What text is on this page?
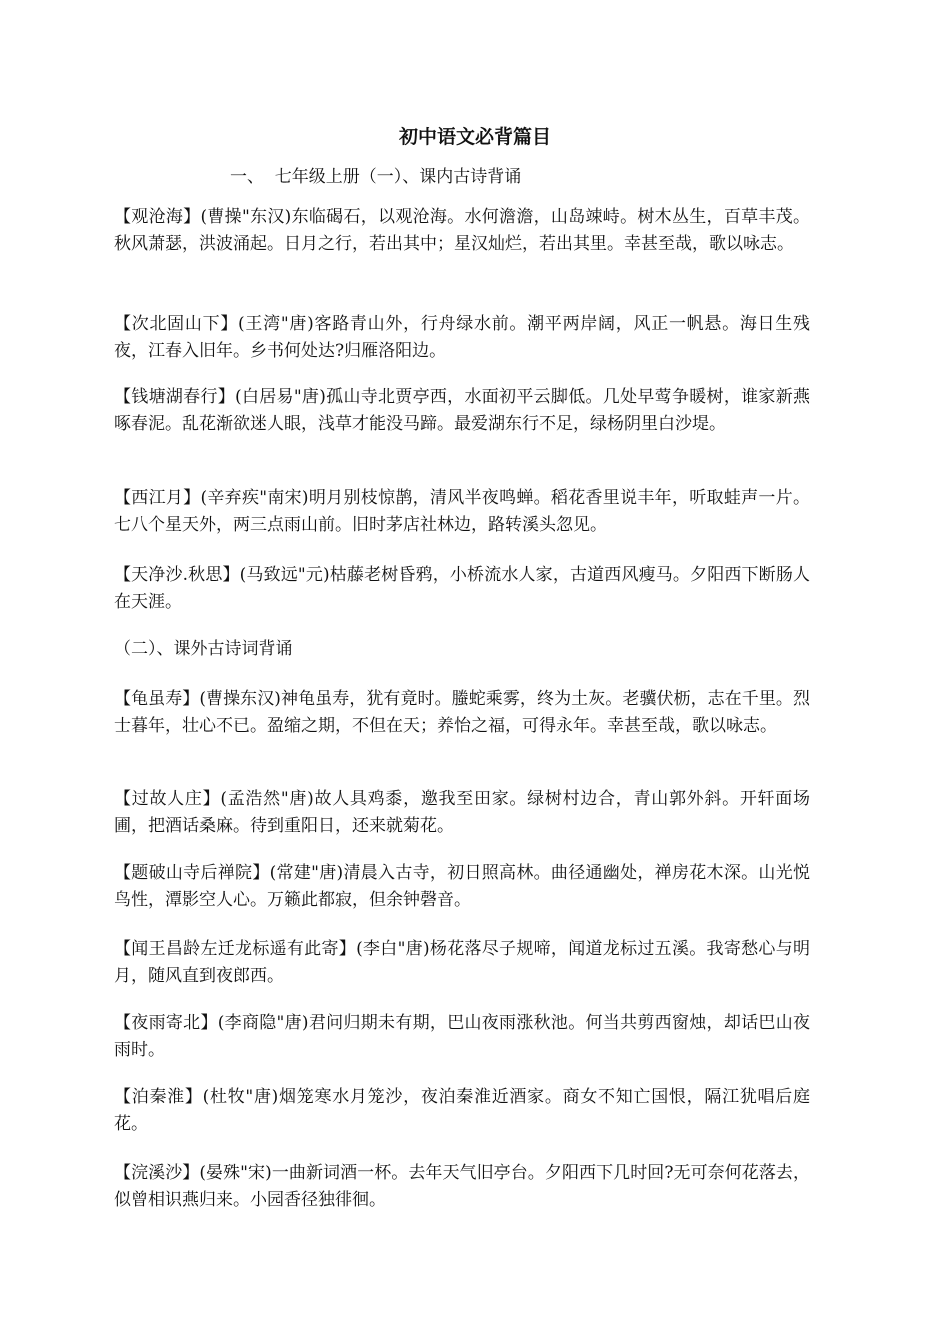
初中语文必背篇目
一、  七年级上册（一）、课内古诗背诵
【观沧海】(曹操"东汉)东临碣石，以观沧海。水何澹澹，山岛竦峙。树木丛生，百草丰茂。秋风萧瑟，洪波涌起。日月之行，若出其中；星汉灿烂，若出其里。幸甚至哉，歌以咏志。
【次北固山下】(王湾"唐)客路青山外，行舟绿水前。潮平两岸阔，风正一帆悬。海日生残夜，江春入旧年。乡书何处达?归雁洛阳边。
【钱塘湖春行】(白居易"唐)孤山寺北贾亭西，水面初平云脚低。几处早莺争暖树，谁家新燕啄春泥。乱花渐欲迷人眼，浅草才能没马蹄。最爱湖东行不足，绿杨阴里白沙堤。
【西江月】(辛弃疾"南宋)明月别枝惊鹊，清风半夜鸣蝉。稻花香里说丰年，听取蛙声一片。七八个星天外，两三点雨山前。旧时茅店社林边，路转溪头忽见。
【天净沙.秋思】(马致远"元)枯藤老树昏鸦，小桥流水人家，古道西风瘦马。夕阳西下断肠人在天涯。
（二）、课外古诗词背诵
【龟虽寿】(曹操东汉)神龟虽寿，犹有竟时。螣蛇乘雾，终为土灰。老骥伏枥，志在千里。烈士暮年，壮心不已。盈缩之期，不但在天；养怡之福，可得永年。幸甚至哉，歌以咏志。
【过故人庄】(孟浩然"唐)故人具鸡黍，邀我至田家。绿树村边合，青山郭外斜。开轩面场圃，把酒话桑麻。待到重阳日，还来就菊花。
【题破山寺后禅院】(常建"唐)清晨入古寺，初日照高林。曲径通幽处，禅房花木深。山光悦鸟性，潭影空人心。万籁此都寂，但余钟磬音。
【闻王昌龄左迁龙标遥有此寄】(李白"唐)杨花落尽子规啼，闻道龙标过五溪。我寄愁心与明月，随风直到夜郎西。
【夜雨寄北】(李商隐"唐)君问归期未有期，巴山夜雨涨秋池。何当共剪西窗烛，却话巴山夜雨时。
【泊秦淮】(杜牧"唐)烟笼寒水月笼沙，夜泊秦淮近酒家。商女不知亡国恨，隔江犹唱后庭花。
【浣溪沙】(晏殊"宋)一曲新词酒一杯。去年天气旧亭台。夕阳西下几时回?无可奈何花落去，似曾相识燕归来。小园香径独徘徊。
